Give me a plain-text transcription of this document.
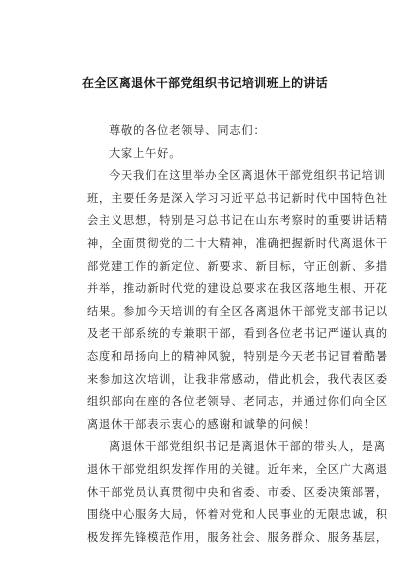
在全区离退休干部党组织书记培训班上的讲话
尊敬的各位老领导、同志们：
大家上午好。
今天我们在这里举办全区离退休干部党组织书记培训
班，主要任务是深入学习习近平总书记新时代中国特色社
会主义思想，特别是习总书记在山东考察时的重要讲话精
神，全面贯彻党的二十大精神，准确把握新时代离退休干
部党建工作的新定位、新要求、新目标，守正创新、多措
并举，推动新时代党的建设总要求在我区落地生根、开花
结果。参加今天培训的有全区各离退休干部党支部书记以
及老干部系统的专兼职干部，看到各位老书记严谨认真的
态度和昂扬向上的精神风貌，特别是今天老书记冒着酷暑
来参加这次培训，让我非常感动，借此机会，我代表区委
组织部向在座的各位老领导、老同志，并通过你们向全区
离退休干部表示衷心的感谢和诚挚的问候！
离退休干部党组织书记是离退休干部的带头人，是离
退休干部党组织发挥作用的关键。近年来，全区广大离退
休干部党员认真贯彻中央和省委、市委、区委决策部署，
围绕中心服务大局，怀着对党和人民事业的无限忠诚，积
极发挥先锋模范作用，服务社会、服务群众、服务基层，
